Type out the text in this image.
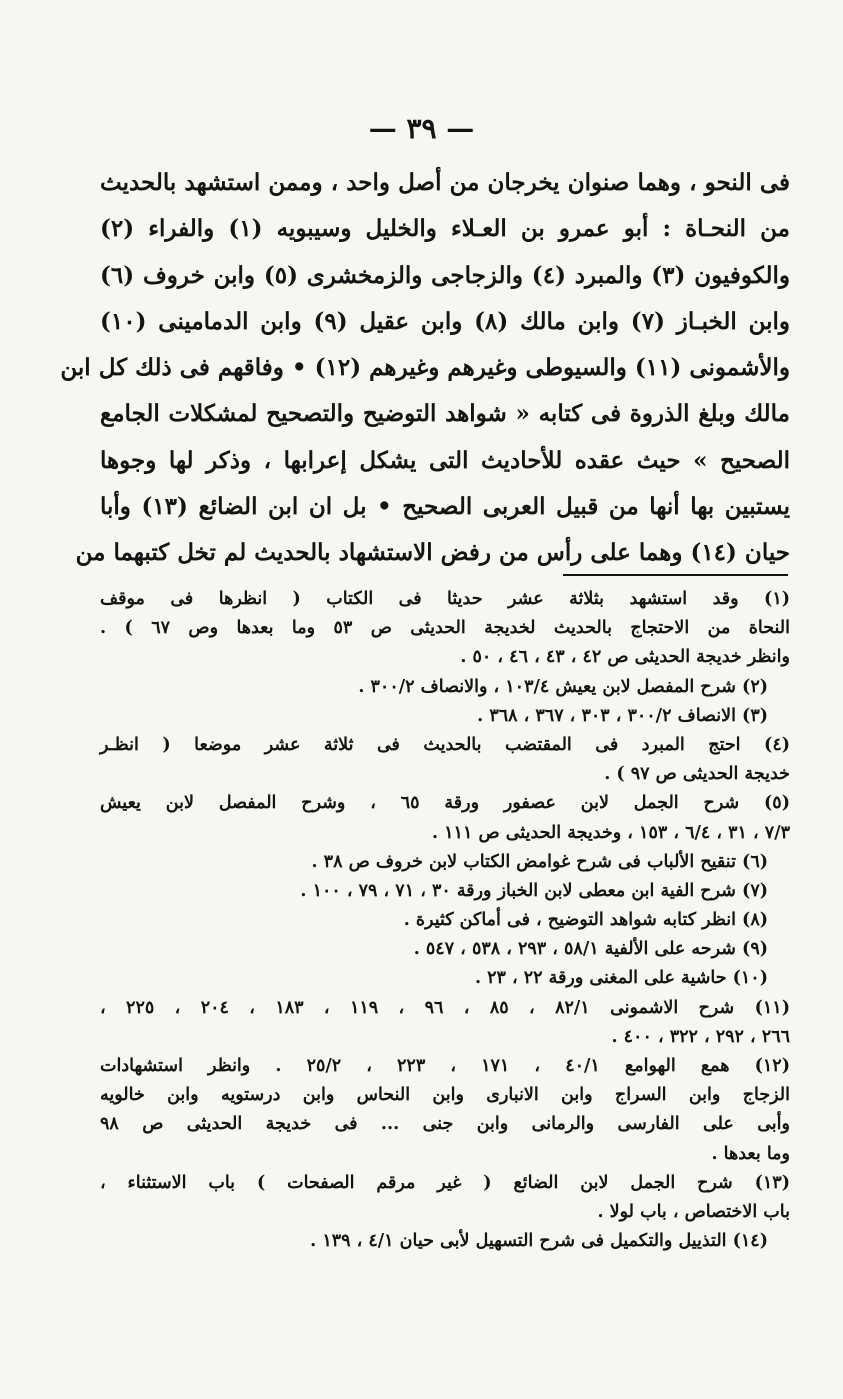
— ٣٩ —
فى النحو ، وهما صنوان يخرجان من أصل واحد ، وممن استشهد بالحديث
من النحـاة : أبو عمرو بن العـلاء والخليل وسيبويه (١) والفراء (٢)
والكوفيون (٣) والمبرد (٤) والزجاجى والزمخشرى (٥) وابن خروف (٦)
وابن الخبـاز (٧) وابن مالك (٨) وابن عقيل (٩) وابن الدمامينى (١٠)
والأشمونى (١١) والسيوطى وغيرهم وغيرهم (١٢) • وفاقهم فى ذلك كل ابن
مالك وبلغ الذروة فى كتابه « شواهد التوضيح والتصحيح لمشكلات الجامع
الصحيح » حيث عقده للأحاديث التى يشكل إعرابها ، وذكر لها وجوها
يستبين بها أنها من قبيل العربى الصحيح • بل ان ابن الضائع (١٣) وأبا
حيان (١٤) وهما على رأس من رفض الاستشهاد بالحديث لم تخل كتبهما من
(١) وقد استشهد بثلاثة عشر حديثا فى الكتاب ( انظرها فى موقف
النحاة من الاحتجاج بالحديث لخديجة الحديثى ص ٥٣ وما بعدها وص ٦٧ ) .
وانظر خديجة الحديثى ص ٤٢ ، ٤٣ ، ٤٦ ، ٥٠ .
(٢) شرح المفصل لابن يعيش ١٠٣/٤ ، والانصاف ٣٠٠/٢ .
(٣) الانصاف ٣٠٠/٢ ، ٣٠٣ ، ٣٦٧ ، ٣٦٨ .
(٤) احتج المبرد فى المقتضب بالحديث فى ثلاثة عشر موضعا ( انظـر
خديجة الحديثى ص ٩٧ ) .
(٥) شرح الجمل لابن عصفور ورقة ٦٥ ، وشرح المفصل لابن يعيش
٧/٣ ، ٣١ ، ٦/٤ ، ١٥٣ ، وخديجة الحديثى ص ١١١ .
(٦) تنقيح الألباب فى شرح غوامض الكتاب لابن خروف ص ٣٨ .
(٧) شرح الفية ابن معطى لابن الخباز ورقة ٣٠ ، ٧١ ، ٧٩ ، ١٠٠ .
(٨) انظر كتابه شواهد التوضيح ، فى أماكن كثيرة .
(٩) شرحه على الألفية ٥٨/١ ، ٢٩٣ ، ٥٣٨ ، ٥٤٧ .
(١٠) حاشية على المغنى ورقة ٢٢ ، ٢٣ .
(١١) شرح الاشمونى ٨٢/١ ، ٨٥ ، ٩٦ ، ١١٩ ، ١٨٣ ، ٢٠٤ ، ٢٢٥ ،
٢٦٦ ، ٢٩٢ ، ٣٢٢ ، ٤٠٠ .
(١٢) همع الهوامع ٤٠/١ ، ١٧١ ، ٢٢٣ ، ٢٥/٢ . وانظر استشهادات
الزجاج وابن السراج وابن الانبارى وابن النحاس وابن درستويه وابن خالويه
وأبى على الفارسى والرمانى وابن جنى ... فى خديجة الحديثى ص ٩٨
وما بعدها .
(١٣) شرح الجمل لابن الضائع ( غير مرقم الصفحات ) باب الاستثناء ،
باب الاختصاص ، باب لولا .
(١٤) التذييل والتكميل فى شرح التسهيل لأبى حيان ٤/١ ، ١٣٩ .
